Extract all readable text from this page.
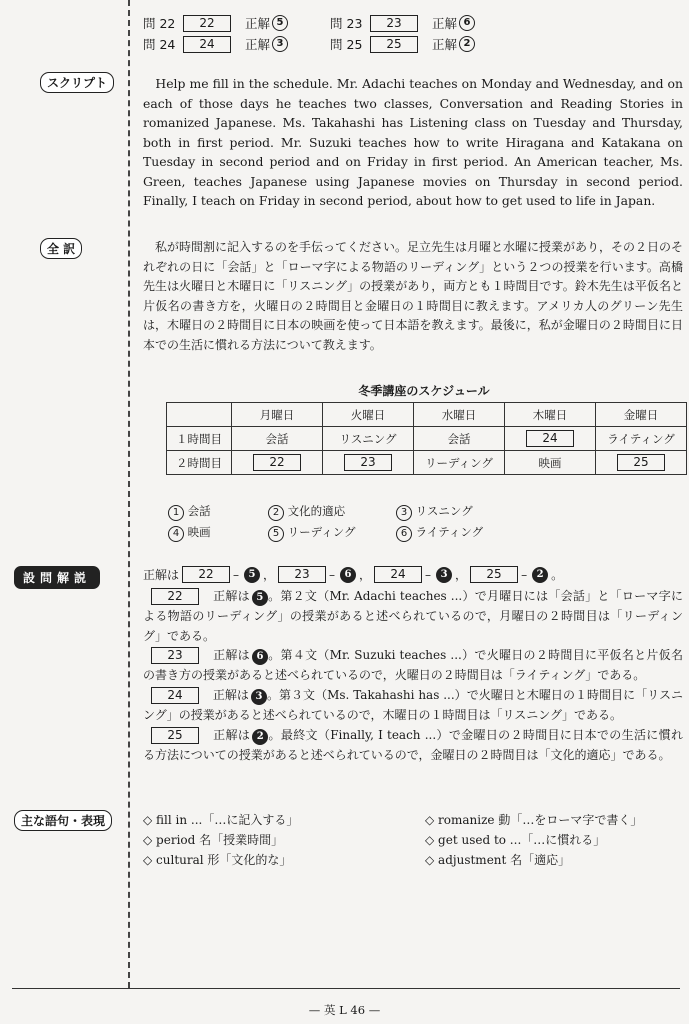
問 22	22	正解 5	問 23	23	正解 6
問 24	24	正解 3	問 25	25	正解 2
スクリプト	Help me fill in the schedule. Mr. Adachi teaches on Monday and Wednesday, and on each of those days he teaches two classes, Conversation and Reading Stories in romanized Japanese. Ms. Takahashi has Listening class on Tuesday and Thursday, both in first period. Mr. Suzuki teaches how to write Hiragana and Katakana on Tuesday in second period and on Friday in first period. An American teacher, Ms. Green, teaches Japanese using Japanese movies on Thursday in second period. Finally, I teach on Friday in second period, about how to get used to life in Japan.
全 訳	私が時間割に記入するのを手伝ってください。足立先生は月曜と水曜に授業があり，その２日のそれぞれの日に「会話」と「ローマ字による物語のリーディング」という２つの授業を行います。高橋先生は火曜日と木曜日に「リスニング」の授業があり，両方とも１時間目です。鈴木先生は平仮名と片仮名の書き方を，火曜日の２時間目と金曜日の１時間目に教えます。アメリカ人のグリーン先生は，木曜日の２時間目に日本の映画を使って日本語を教えます。最後に，私が金曜日の２時間目に日本での生活に慣れる方法について教えます。
冬季講座のスケジュール
	月曜日	火曜日	水曜日	木曜日	金曜日
１時間目	会話	リスニング	会話	24	ライティング
２時間目	22	23	リーディング	映画	25
1 会話	2 文化的適応	3 リスニング
4 映画	5 リーディング	6 ライティング
設問解説	正解は	22	– 5 ，	23	– 6 ，	24	– 3 ，	25	– 2 。
22	正解は 5 。第２文（Mr. Adachi teaches ...）で月曜日には「会話」と「ローマ字による物語のリーディング」の授業があると述べられているので，月曜日の２時間目は「リーディング」である。
23	正解は 6 。第４文（Mr. Suzuki teaches ...）で火曜日の２時間目に平仮名と片仮名の書き方の授業があると述べられているので，火曜日の２時間目は「ライティング」である。
24	正解は 3 。第３文（Ms. Takahashi has ...）で火曜日と木曜日の１時間目に「リスニング」の授業があると述べられているので，木曜日の１時間目は「リスニング」である。
25	正解は 2 。最終文（Finally, I teach ...）で金曜日の２時間目に日本での生活に慣れる方法についての授業があると述べられているので，金曜日の２時間目は「文化的適応」である。
主な語句・表現	◇ fill in ...「…に記入する」
◇ period 名「授業時間」
◇ cultural 形「文化的な」
◇ romanize 動「…をローマ字で書く」
◇ get used to ...「…に慣れる」
◇ adjustment 名「適応」
— 英 L 46 —
